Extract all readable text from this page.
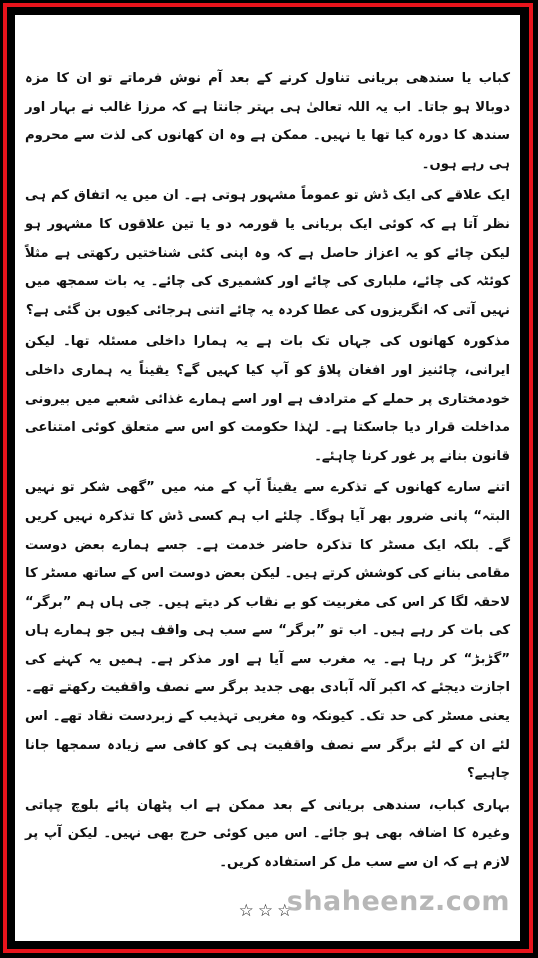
کباب یا سندھی بریانی تناول کرنے کے بعد آم نوش فرماتے تو ان کا مزہ دوبالا ہو جاتا۔ اب یہ اللہ تعالیٰ ہی بہتر جانتا ہے کہ مرزا غالب نے بہار اور سندھ کا دورہ کیا تھا یا نہیں۔ ممکن ہے وہ ان کھانوں کی لذت سے محروم ہی رہے ہوں۔

ایک علاقے کی ایک ڈش تو عموماً مشہور ہوتی ہے۔ ان میں یہ اتفاق کم ہی نظر آتا ہے کہ کوئی ایک بریانی یا قورمہ دو یا تین علاقوں کا مشہور ہو لیکن چائے کو یہ اعزاز حاصل ہے کہ وہ اپنی کئی شناختیں رکھتی ہے مثلاً کوئٹہ کی چائے، ملباری کی چائے اور کشمیری کی چائے۔ یہ بات سمجھ میں نہیں آتی کہ انگریزوں کی عطا کردہ یہ چائے اتنی ہرجائی کیوں بن گئی ہے؟

مذکورہ کھانوں کی جہاں تک بات ہے یہ ہمارا داخلی مسئلہ تھا۔ لیکن ایرانی، چائنیز اور افغان پلاؤ کو آپ کیا کہیں گے؟ یقیناً یہ ہماری داخلی خودمختاری پر حملے کے مترادف ہے اور اسے ہمارے غذائی شعبے میں بیرونی مداخلت قرار دیا جاسکتا ہے۔ لہٰذا حکومت کو اس سے متعلق کوئی امتناعی قانون بنانے پر غور کرنا چاہئے۔

اتنے سارے کھانوں کے تذکرے سے یقیناً آپ کے منہ میں ”گھی شکر تو نہیں البتہ“ پانی ضرور بھر آیا ہوگا۔ چلئے اب ہم کسی ڈش کا تذکرہ نہیں کریں گے۔ بلکہ ایک مسٹر کا تذکرہ حاضر خدمت ہے۔ جسے ہمارے بعض دوست مقامی بنانے کی کوشش کرتے ہیں۔ لیکن بعض دوست اس کے ساتھ مسٹر کا لاحقہ لگا کر اس کی مغربیت کو بے نقاب کر دیتے ہیں۔ جی ہاں ہم ”برگر“ کی بات کر رہے ہیں۔ اب تو ”برگر“ سے سب ہی واقف ہیں جو ہمارے ہاں ”گڑبڑ“ کر رہا ہے۔ یہ مغرب سے آیا ہے اور مذکر ہے۔ ہمیں یہ کہنے کی اجازت دیجئے کہ اکبر آلہ آبادی بھی جدید برگر سے نصف واقفیت رکھتے تھے۔ یعنی مسٹر کی حد تک۔ کیونکہ وہ مغربی تہذیب کے زبردست نقاد تھے۔ اس لئے ان کے لئے برگر سے نصف واقفیت ہی کو کافی سے زیادہ سمجھا جانا چاہیے؟

بہاری کباب، سندھی بریانی کے بعد ممکن ہے اب پٹھان پائے بلوچ چپاتی وغیرہ کا اضافہ بھی ہو جائے۔ اس میں کوئی حرج بھی نہیں۔ لیکن آپ پر لازم ہے کہ ان سے سب مل کر استفادہ کریں۔

☆☆☆
shaheenz.com
